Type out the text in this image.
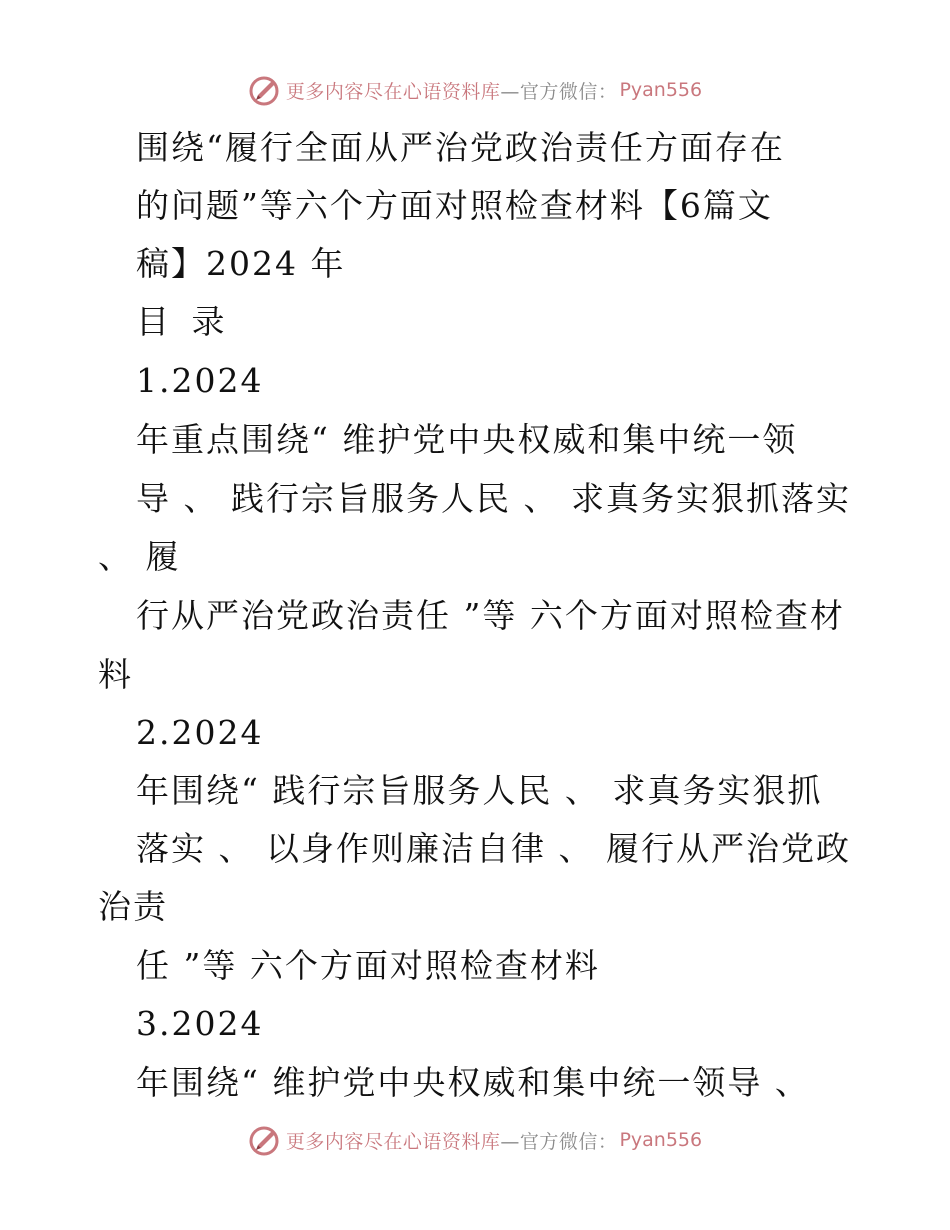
更多内容尽在心语资料库 —官方微信： Pyan556
围绕“履行全面从严治党政治责任方面存在
的问题”等六个方面对照检查材料【6篇文
稿】2024 年
目 录
1.2024
年重点围绕“ 维护党中央权威和集中统一领
导 、 践行宗旨服务人民 、 求真务实狠抓落实
、 履
行从严治党政治责任 ”等 六个方面对照检查材
料
2.2024
年围绕“ 践行宗旨服务人民 、 求真务实狠抓
落实 、 以身作则廉洁自律 、 履行从严治党政
治责
任 ”等 六个方面对照检查材料
3.2024
年围绕“ 维护党中央权威和集中统一领导 、
更多内容尽在心语资料库 —官方微信： Pyan556
